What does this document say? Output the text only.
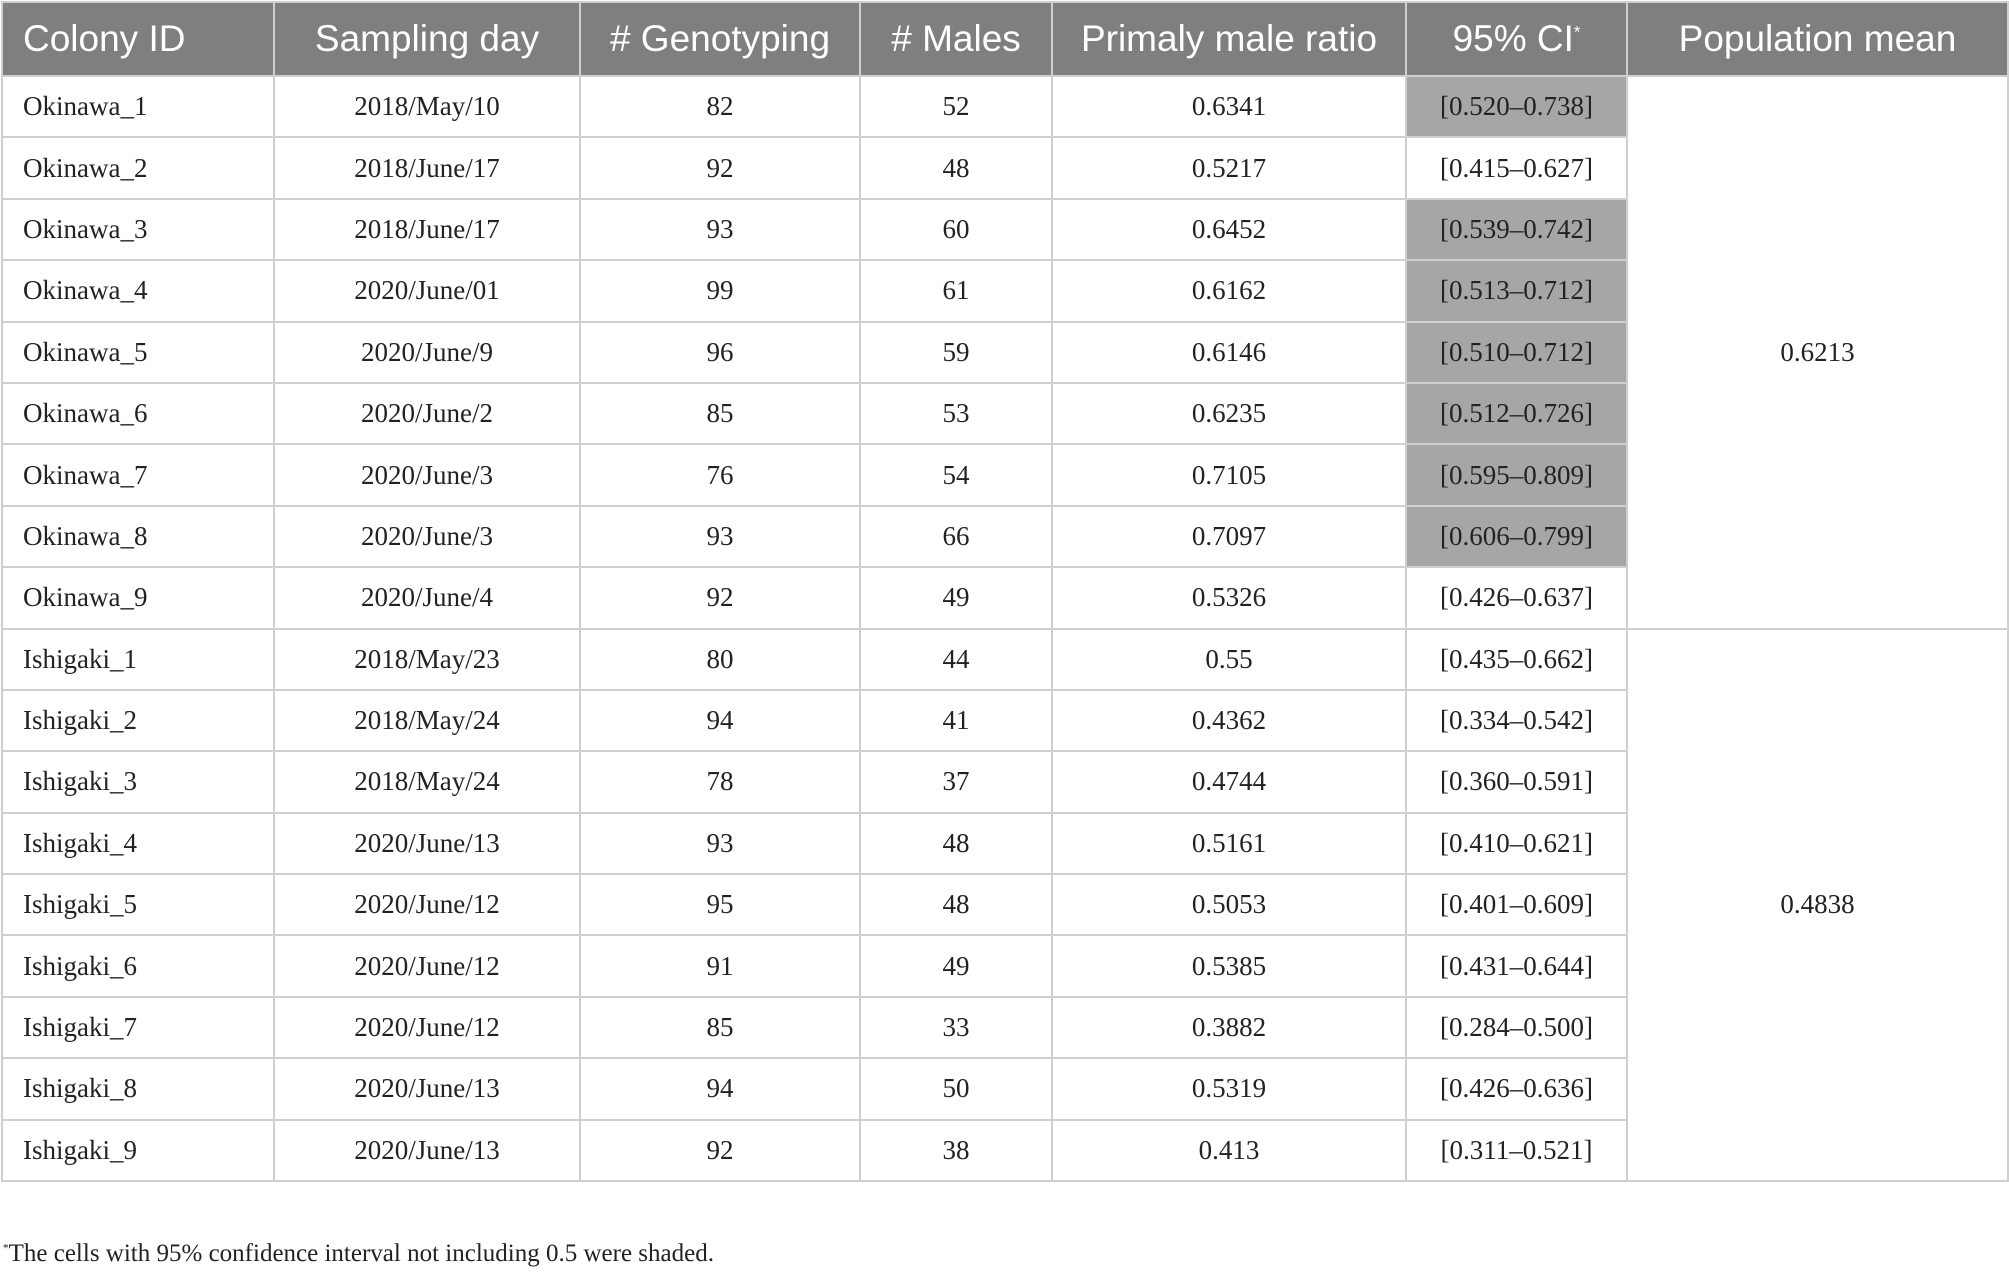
Colony ID	Sampling day	# Genotyping	# Males	Primaly male ratio	95% CI*	Population mean
Okinawa_1	2018/May/10	82	52	0.6341	[0.520–0.738]	0.6213
Okinawa_2	2018/June/17	92	48	0.5217	[0.415–0.627]	
Okinawa_3	2018/June/17	93	60	0.6452	[0.539–0.742]	
Okinawa_4	2020/June/01	99	61	0.6162	[0.513–0.712]	
Okinawa_5	2020/June/9	96	59	0.6146	[0.510–0.712]	
Okinawa_6	2020/June/2	85	53	0.6235	[0.512–0.726]	
Okinawa_7	2020/June/3	76	54	0.7105	[0.595–0.809]	
Okinawa_8	2020/June/3	93	66	0.7097	[0.606–0.799]	
Okinawa_9	2020/June/4	92	49	0.5326	[0.426–0.637]	
Ishigaki_1	2018/May/23	80	44	0.55	[0.435–0.662]	0.4838
Ishigaki_2	2018/May/24	94	41	0.4362	[0.334–0.542]	
Ishigaki_3	2018/May/24	78	37	0.4744	[0.360–0.591]	
Ishigaki_4	2020/June/13	93	48	0.5161	[0.410–0.621]	
Ishigaki_5	2020/June/12	95	48	0.5053	[0.401–0.609]	
Ishigaki_6	2020/June/12	91	49	0.5385	[0.431–0.644]	
Ishigaki_7	2020/June/12	85	33	0.3882	[0.284–0.500]	
Ishigaki_8	2020/June/13	94	50	0.5319	[0.426–0.636]	
Ishigaki_9	2020/June/13	92	38	0.413	[0.311–0.521]	
*The cells with 95% confidence interval not including 0.5 were shaded.
